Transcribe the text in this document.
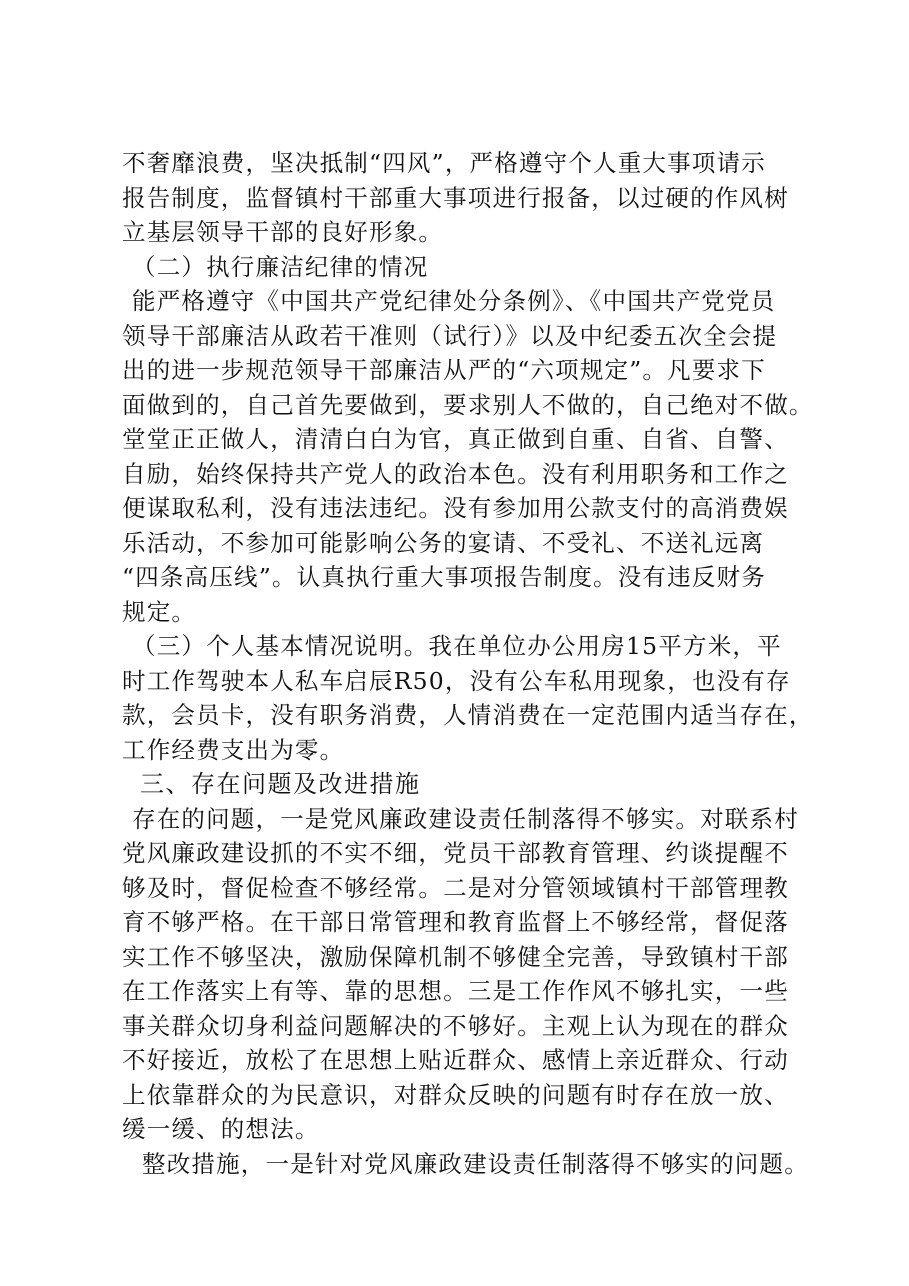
不奢靡浪费，坚决抵制“四风”，严格遵守个人重大事项请示
报告制度，监督镇村干部重大事项进行报备，以过硬的作风树
立基层领导干部的良好形象。
（二）执行廉洁纪律的情况
能严格遵守《中国共产党纪律处分条例》、《中国共产党党员
领导干部廉洁从政若干准则（试行）》以及中纪委五次全会提
出的进一步规范领导干部廉洁从严的“六项规定”。凡要求下
面做到的，自己首先要做到，要求别人不做的，自己绝对不做。
堂堂正正做人，清清白白为官，真正做到自重、自省、自警、
自励，始终保持共产党人的政治本色。没有利用职务和工作之
便谋取私利，没有违法违纪。没有参加用公款支付的高消费娱
乐活动，不参加可能影响公务的宴请、不受礼、不送礼远离
“四条高压线”。认真执行重大事项报告制度。没有违反财务
规定。
（三）个人基本情况说明。我在单位办公用房15平方米，平
时工作驾驶本人私车启辰R50，没有公车私用现象，也没有存
款，会员卡，没有职务消费，人情消费在一定范围内适当存在，
工作经费支出为零。
三、存在问题及改进措施
存在的问题，一是党风廉政建设责任制落得不够实。对联系村
党风廉政建设抓的不实不细，党员干部教育管理、约谈提醒不
够及时，督促检查不够经常。二是对分管领域镇村干部管理教
育不够严格。在干部日常管理和教育监督上不够经常，督促落
实工作不够坚决，激励保障机制不够健全完善，导致镇村干部
在工作落实上有等、靠的思想。三是工作作风不够扎实，一些
事关群众切身利益问题解决的不够好。主观上认为现在的群众
不好接近，放松了在思想上贴近群众、感情上亲近群众、行动
上依靠群众的为民意识，对群众反映的问题有时存在放一放、
缓一缓、的想法。
整改措施，一是针对党风廉政建设责任制落得不够实的问题。
